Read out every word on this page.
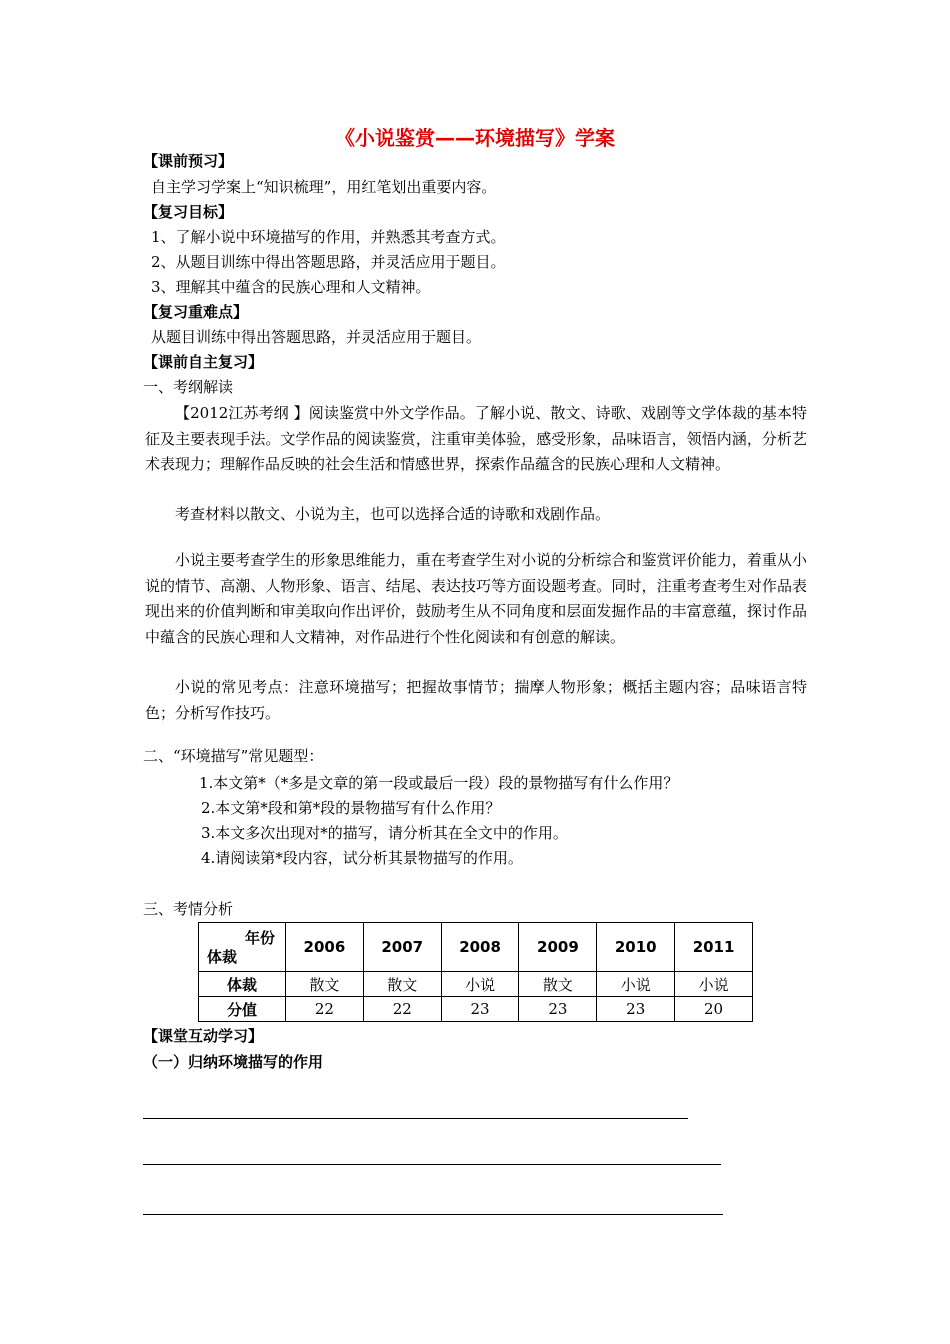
《小说鉴赏——环境描写》学案
【课前预习】
自主学习学案上“知识梳理”，用红笔划出重要内容。
【复习目标】
1、了解小说中环境描写的作用，并熟悉其考查方式。
2、从题目训练中得出答题思路，并灵活应用于题目。
3、理解其中蕴含的民族心理和人文精神。
【复习重难点】
从题目训练中得出答题思路，并灵活应用于题目。
【课前自主复习】
一、考纲解读
【2012江苏考纲 】阅读鉴赏中外文学作品。了解小说、散文、诗歌、戏剧等文学体裁的基本特征及主要表现手法。文学作品的阅读鉴赏，注重审美体验，感受形象，品味语言，领悟内涵，分析艺术表现力；理解作品反映的社会生活和情感世界，探索作品蕴含的民族心理和人文精神。
考查材料以散文、小说为主，也可以选择合适的诗歌和戏剧作品。
小说主要考查学生的形象思维能力，重在考查学生对小说的分析综合和鉴赏评价能力，着重从小说的情节、高潮、人物形象、语言、结尾、表达技巧等方面设题考查。同时，注重考查考生对作品表现出来的价值判断和审美取向作出评价，鼓励考生从不同角度和层面发掘作品的丰富意蕴，探讨作品中蕴含的民族心理和人文精神，对作品进行个性化阅读和有创意的解读。
小说的常见考点：注意环境描写；把握故事情节；揣摩人物形象；概括主题内容；品味语言特色；分析写作技巧。
二、“环境描写”常见题型：
1.本文第*（*多是文章的第一段或最后一段）段的景物描写有什么作用？
2.本文第*段和第*段的景物描写有什么作用？
3.本文多次出现对*的描写，请分析其在全文中的作用。
4.请阅读第*段内容，试分析其景物描写的作用。
三、考情分析
年份
体裁	2006	2007	2008	2009	2010	2011
体裁	散文	散文	小说	散文	小说	小说
分值	22	22	23	23	23	20
【课堂互动学习】
（一）归纳环境描写的作用
